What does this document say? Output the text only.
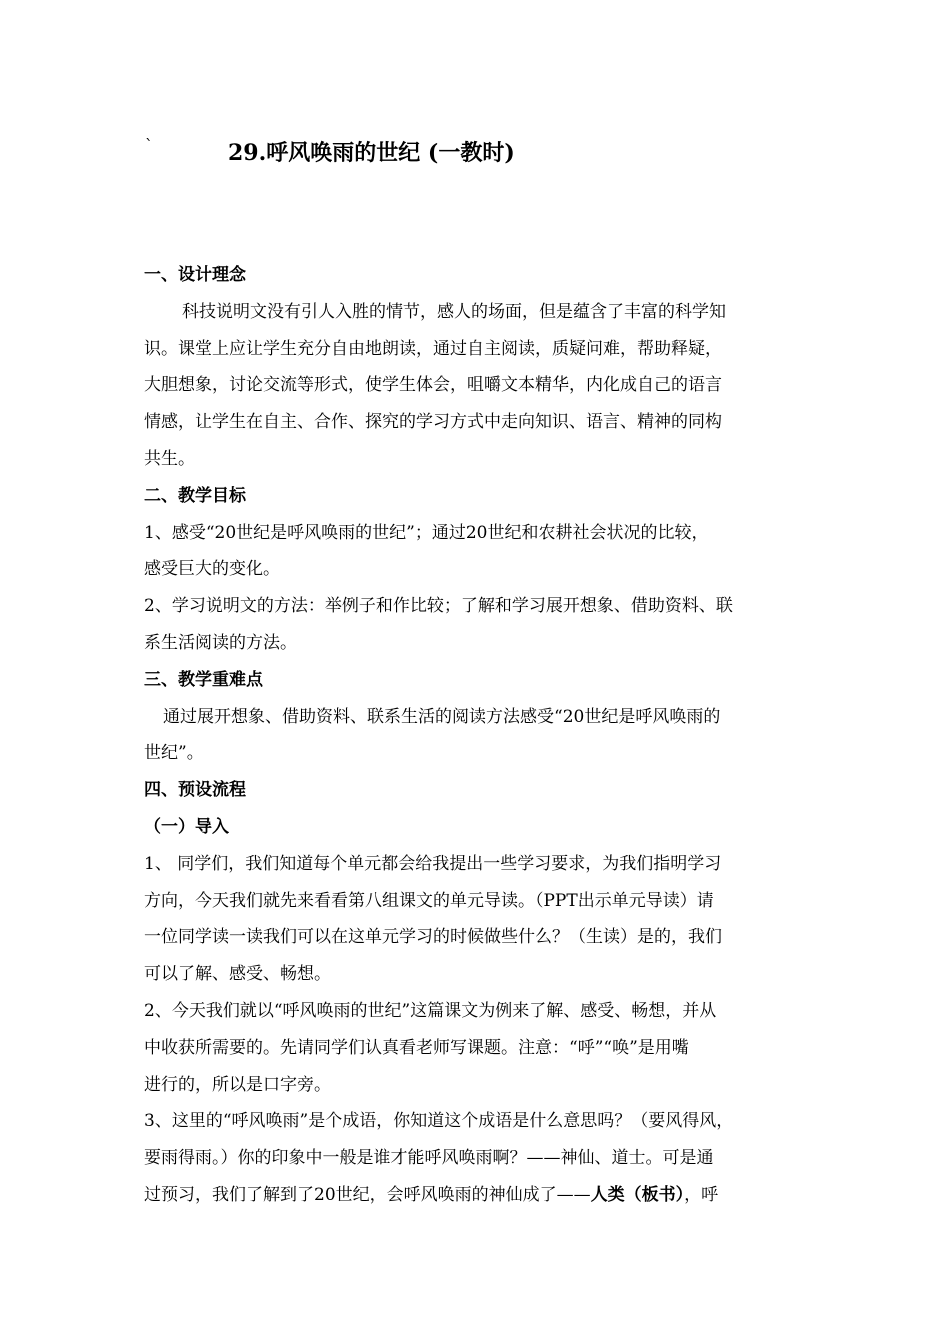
`	29.呼风唤雨的世纪 (一教时)
一、设计理念
科技说明文没有引人入胜的情节，感人的场面，但是蕴含了丰富的科学知
识。课堂上应让学生充分自由地朗读，通过自主阅读，质疑问难，帮助释疑，
大胆想象，讨论交流等形式，使学生体会，咀嚼文本精华，内化成自己的语言
情感，让学生在自主、合作、探究的学习方式中走向知识、语言、精神的同构
共生。
二、教学目标
1、感受“20世纪是呼风唤雨的世纪”；通过20世纪和农耕社会状况的比较，
感受巨大的变化。
2、学习说明文的方法：举例子和作比较；了解和学习展开想象、借助资料、联
系生活阅读的方法。
三、教学重难点
通过展开想象、借助资料、联系生活的阅读方法感受“20世纪是呼风唤雨的
世纪”。
四、预设流程
（一）导入
1、 同学们，我们知道每个单元都会给我提出一些学习要求，为我们指明学习
方向，今天我们就先来看看第八组课文的单元导读。（PPT出示单元导读）请
一位同学读一读我们可以在这单元学习的时候做些什么？（生读）是的，我们
可以了解、感受、畅想。
2、今天我们就以“呼风唤雨的世纪”这篇课文为例来了解、感受、畅想，并从
中收获所需要的。先请同学们认真看老师写课题。注意：“呼”“唤”是用嘴
进行的，所以是口字旁。
3、这里的“呼风唤雨”是个成语，你知道这个成语是什么意思吗？（要风得风，
要雨得雨。）你的印象中一般是谁才能呼风唤雨啊？——神仙、道士。可是通
过预习，我们了解到了20世纪，会呼风唤雨的神仙成了——人类（板书），呼
